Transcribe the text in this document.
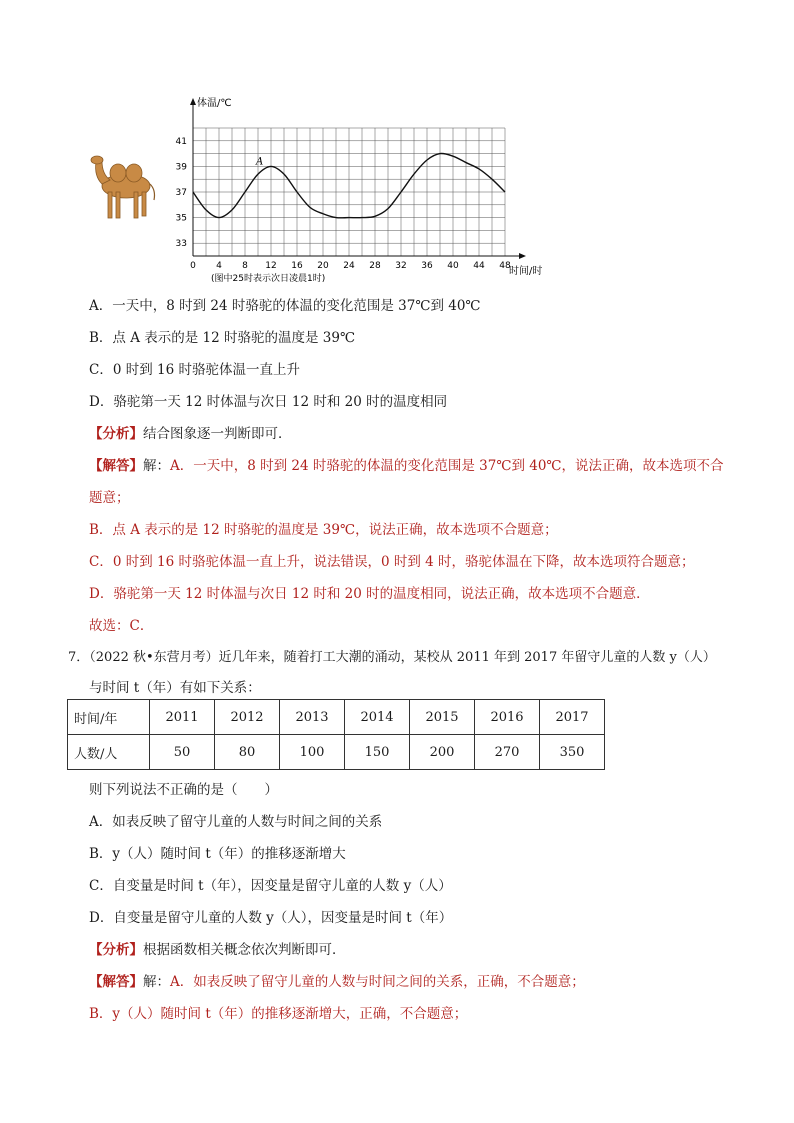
0 4 8 12 16 20 24 28 32 36 40 44 48
33
35
37
39
41
体温/℃
时间/时
(图中25时表示次日凌晨1时)
A
A．一天中，8 时到 24 时骆驼的体温的变化范围是 37℃到 40℃
B．点 A 表示的是 12 时骆驼的温度是 39℃
C．0 时到 16 时骆驼体温一直上升
D．骆驼第一天 12 时体温与次日 12 时和 20 时的温度相同
【分析】结合图象逐一判断即可．
【解答】解：A．一天中，8 时到 24 时骆驼的体温的变化范围是 37℃到 40℃，说法正确，故本选项不合
题意；
B．点 A 表示的是 12 时骆驼的温度是 39℃，说法正确，故本选项不合题意；
C．0 时到 16 时骆驼体温一直上升，说法错误，0 时到 4 时，骆驼体温在下降，故本选项符合题意；
D．骆驼第一天 12 时体温与次日 12 时和 20 时的温度相同，说法正确，故本选项不合题意．
故选：C．
7．（2022 秋•东营月考）近几年来，随着打工大潮的涌动，某校从 2011 年到 2017 年留守儿童的人数 y（人）
与时间 t（年）有如下关系：
时间/年	2011	2012	2013	2014	2015	2016	2017
人数/人	50	80	100	150	200	270	350
则下列说法不正确的是（　　）
A．如表反映了留守儿童的人数与时间之间的关系
B．y（人）随时间 t（年）的推移逐渐增大
C．自变量是时间 t（年），因变量是留守儿童的人数 y（人）
D．自变量是留守儿童的人数 y（人），因变量是时间 t（年）
【分析】根据函数相关概念依次判断即可．
【解答】解：A．如表反映了留守儿童的人数与时间之间的关系，正确，不合题意；
B．y（人）随时间 t（年）的推移逐渐增大，正确，不合题意；
